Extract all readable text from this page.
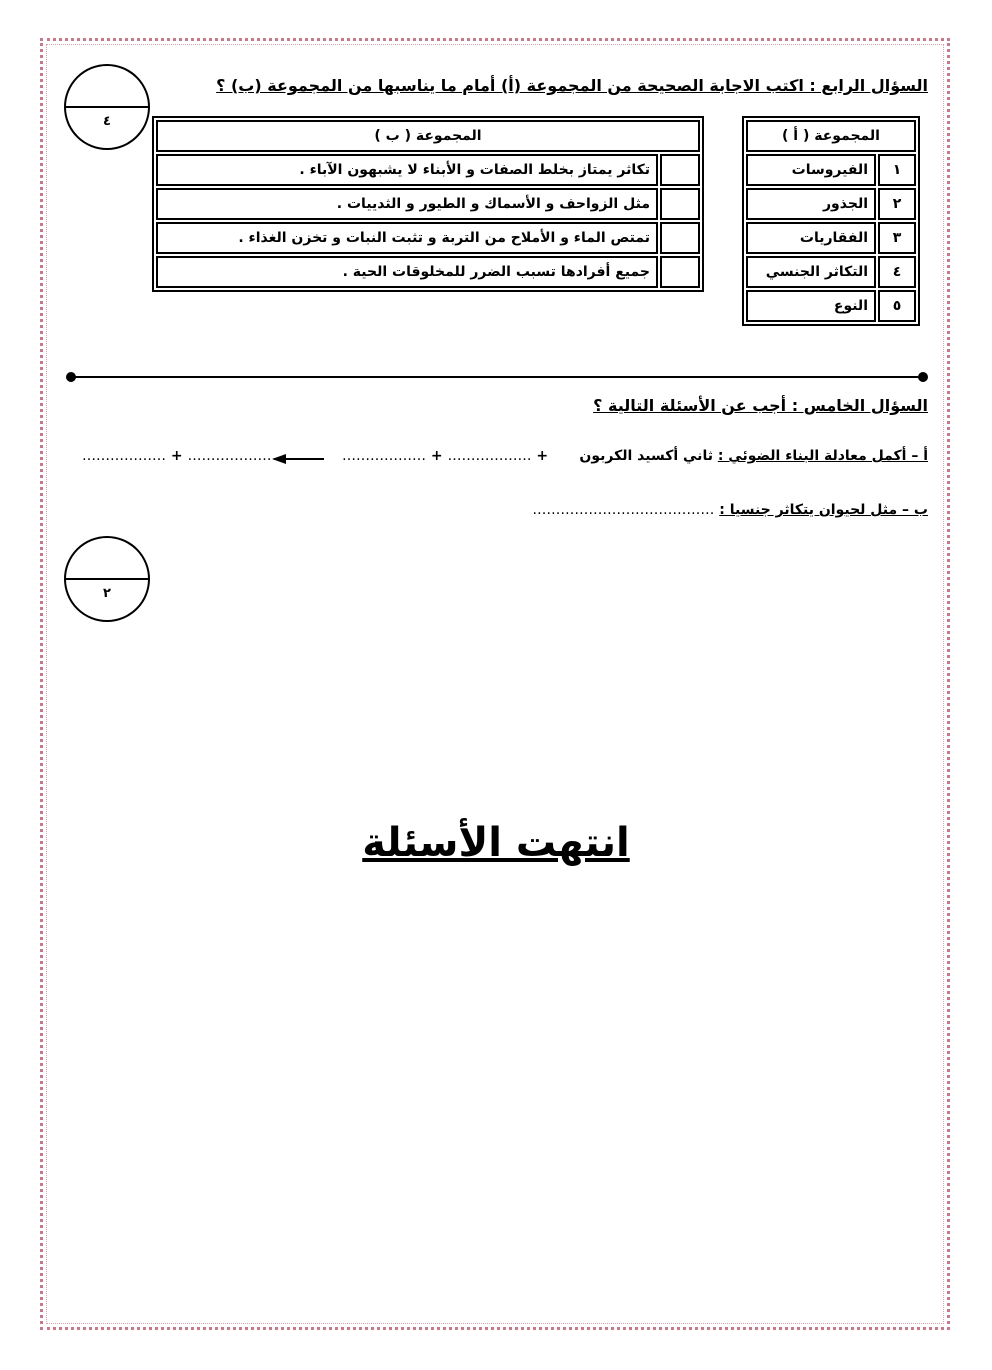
السؤال الرابع : اكتب الاجابة الصحيحة من المجموعة (أ) أمام ما يناسبها من المجموعة (ب) ؟
٤
المجموعة ( أ )	
١	الفيروسات
٢	الجذور
٣	الفقاريات
٤	التكاثر الجنسي
٥	النوع
المجموعة ( ب )	
	تكاثر يمتاز بخلط الصفات و الأبناء لا يشبهون الآباء .
	مثل الزواحف و الأسماك و الطيور و الثدييات .
	تمتص الماء و الأملاح من التربة و تثبت النبات و تخزن الغذاء .
	جميع أفرادها تسبب الضرر للمخلوقات الحية .
السؤال الخامس : أجب عن الأسئلة التالية ؟
أ – أكمل معادلة البناء الضوئي : ثاني أكسيد الكربون
……………… + ……………… +
……………… + ………………
ب – مثل لحيوان يتكاثر جنسيا : …………………………………
٢
انتهت الأسئلة
